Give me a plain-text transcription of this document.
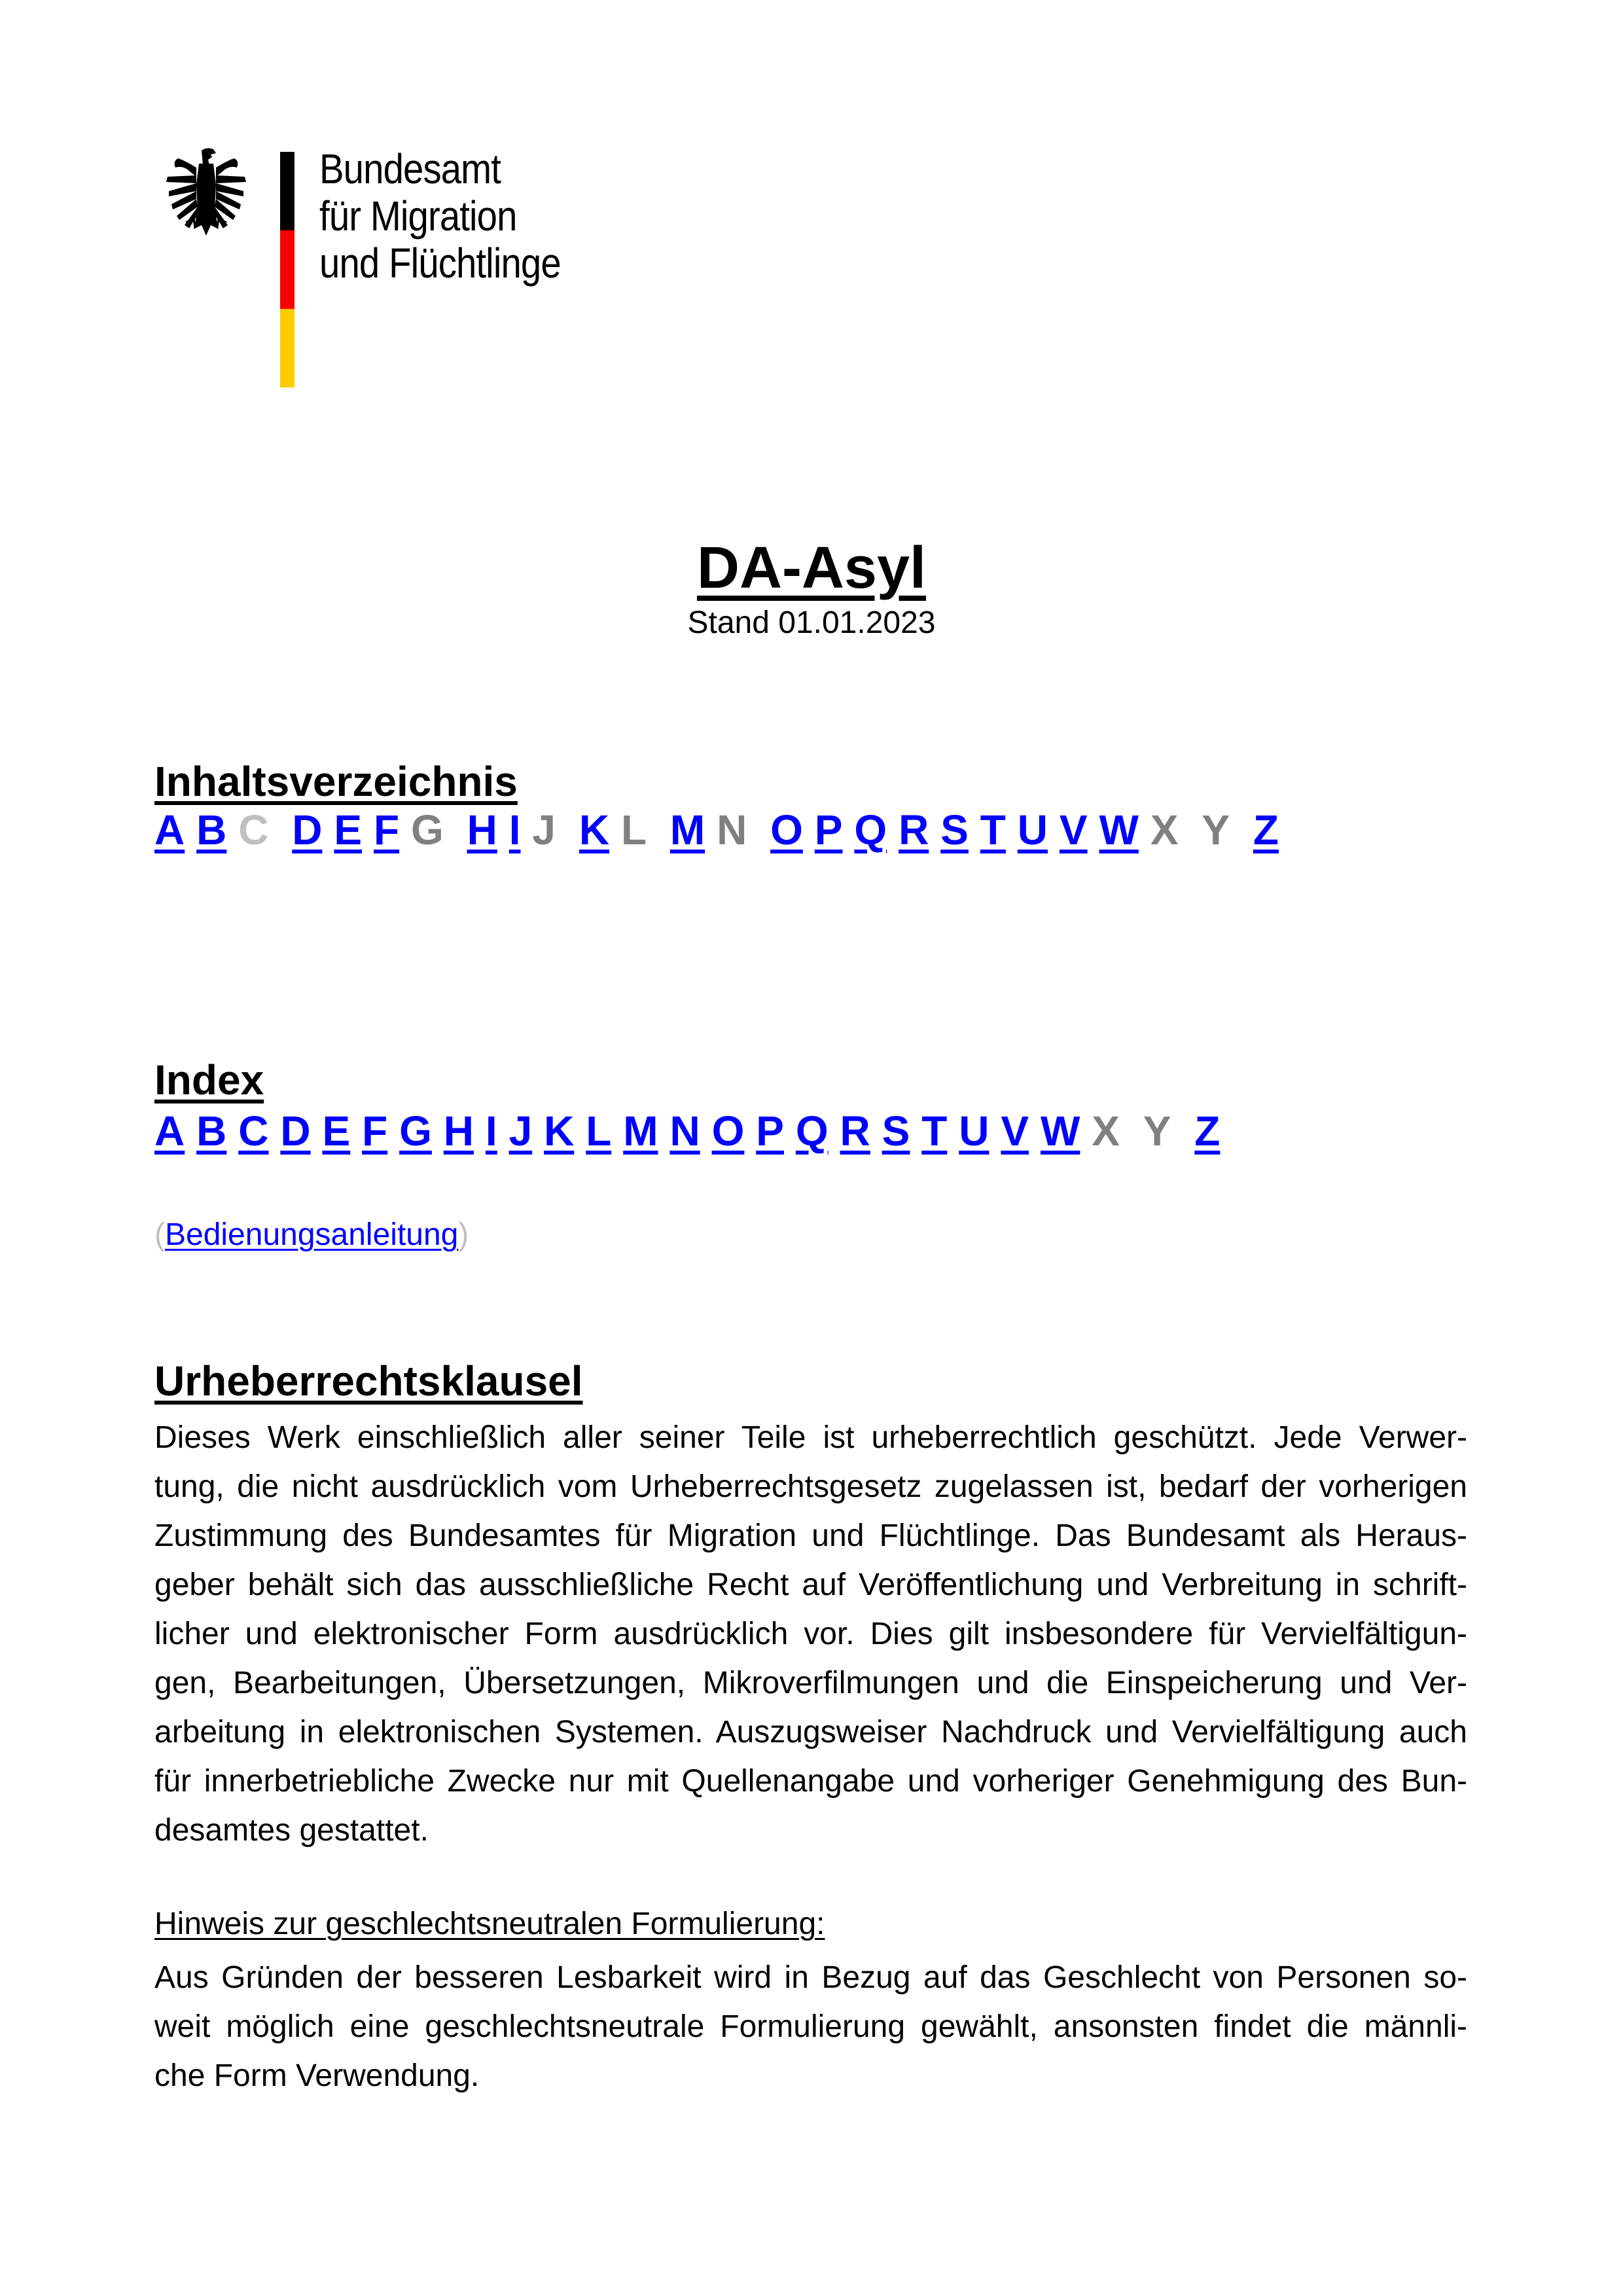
Bundesamt
für Migration
und Flüchtlinge
DA-Asyl
Stand 01.01.2023
Inhaltsverzeichnis
A B C D E F G H I J K L M N O P Q R S T U V W X Y Z
Index
A B C D E F G H I J K L M N O P Q R S T U V W X Y Z
(Bedienungsanleitung)
Urheberrechtsklausel
Dieses Werk einschließlich aller seiner Teile ist urheberrechtlich geschützt. Jede Verwer-
tung, die nicht ausdrücklich vom Urheberrechtsgesetz zugelassen ist, bedarf der vorherigen
Zustimmung des Bundesamtes für Migration und Flüchtlinge. Das Bundesamt als Heraus-
geber behält sich das ausschließliche Recht auf Veröffentlichung und Verbreitung in schrift-
licher und elektronischer Form ausdrücklich vor. Dies gilt insbesondere für Vervielfältigun-
gen, Bearbeitungen, Übersetzungen, Mikroverfilmungen und die Einspeicherung und Ver-
arbeitung in elektronischen Systemen. Auszugsweiser Nachdruck und Vervielfältigung auch
für innerbetriebliche Zwecke nur mit Quellenangabe und vorheriger Genehmigung des Bun-
desamtes gestattet.
Hinweis zur geschlechtsneutralen Formulierung:
Aus Gründen der besseren Lesbarkeit wird in Bezug auf das Geschlecht von Personen so-
weit möglich eine geschlechtsneutrale Formulierung gewählt, ansonsten findet die männli-
che Form Verwendung.
